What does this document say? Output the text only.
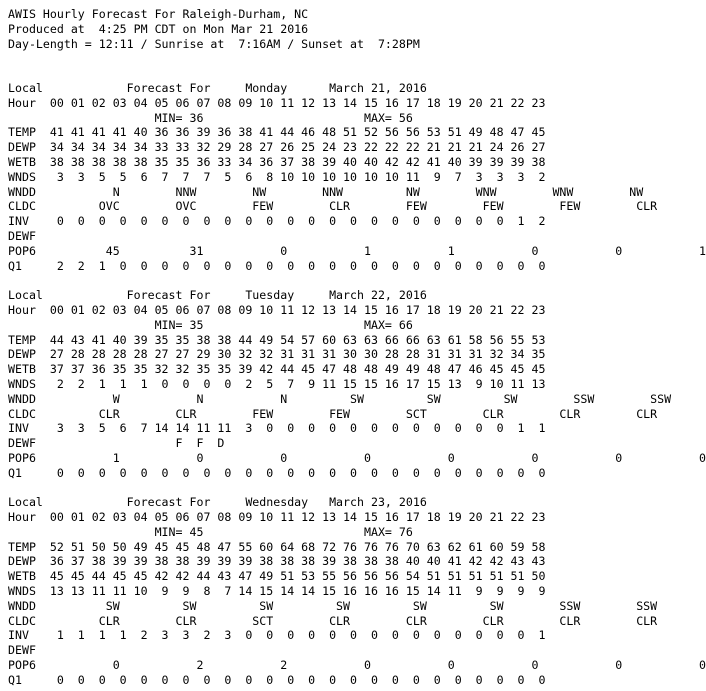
AWIS Hourly Forecast For Raleigh-Durham, NC
Produced at  4:25 PM CDT on Mon Mar 21 2016
Day-Length = 12:11 / Sunrise at  7:16AM / Sunset at  7:28PM
Local            Forecast For     Monday      March 21, 2016
Hour  00 01 02 03 04 05 06 07 08 09 10 11 12 13 14 15 16 17 18 19 20 21 22 23
MIN= 36                       MAX= 56
TEMP  41 41 41 41 40 36 36 39 36 38 41 44 46 48 51 52 56 56 53 51 49 48 47 45
DEWP  34 34 34 34 34 33 33 32 29 28 27 26 25 24 23 22 22 22 21 21 21 24 26 27
WETB  38 38 38 38 38 35 35 36 33 34 36 37 38 39 40 40 42 42 41 40 39 39 39 38
WNDS   3  3  5  5  6  7  7  7  5  6  8 10 10 10 10 10 10 11  9  7  3  3  3  2
WNDD           N        NNW        NW        NNW         NW        WNW        WNW        NW
CLDC         OVC        OVC        FEW        CLR        FEW        FEW        FEW        CLR
INV    0  0  0  0  0  0  0  0  0  0  0  0  0  0  0  0  0  0  0  0  0  0  1  2
DEWF
POP6          45          31           0           1           1           0           0           1
Q1     2  2  1  0  0  0  0  0  0  0  0  0  0  0  0  0  0  0  0  0  0  0  0  0
Local            Forecast For     Tuesday     March 22, 2016
Hour  00 01 02 03 04 05 06 07 08 09 10 11 12 13 14 15 16 17 18 19 20 21 22 23
MIN= 35                       MAX= 66
TEMP  44 43 41 40 39 35 35 38 38 44 49 54 57 60 63 63 66 66 63 61 58 56 55 53
DEWP  27 28 28 28 28 27 27 29 30 32 32 31 31 31 30 30 28 28 31 31 31 32 34 35
WETB  37 37 36 35 35 32 32 35 35 39 42 44 45 47 48 48 49 49 48 47 46 45 45 45
WNDS   2  2  1  1  1  0  0  0  0  2  5  7  9 11 15 15 16 17 15 13  9 10 11 13
WNDD           W           N           N         SW         SW         SW        SSW        SSW
CLDC         CLR        CLR        FEW        FEW        SCT        CLR        CLR        CLR
INV    3  3  5  6  7 14 14 11 11  3  0  0  0  0  0  0  0  0  0  0  0  0  1  1
DEWF                    F  F  D
POP6           1           0           0           0           0           0           0           0
Q1     0  0  0  0  0  0  0  0  0  0  0  0  0  0  0  0  0  0  0  0  0  0  0  0
Local            Forecast For     Wednesday   March 23, 2016
Hour  00 01 02 03 04 05 06 07 08 09 10 11 12 13 14 15 16 17 18 19 20 21 22 23
MIN= 45                       MAX= 76
TEMP  52 51 50 50 49 45 45 48 47 55 60 64 68 72 76 76 76 70 63 62 61 60 59 58
DEWP  36 37 38 39 39 38 38 39 39 39 38 38 38 39 38 38 38 40 40 41 42 42 43 43
WETB  45 45 44 45 45 42 42 44 43 47 49 51 53 55 56 56 56 54 51 51 51 51 51 50
WNDS  13 13 11 11 10  9  9  8  7 14 15 14 14 15 16 16 16 15 14 11  9  9  9  9
WNDD          SW         SW         SW         SW         SW         SW        SSW        SSW
CLDC         CLR        CLR        SCT        CLR        CLR        CLR        CLR        CLR
INV    1  1  1  1  2  3  3  2  3  0  0  0  0  0  0  0  0  0  0  0  0  0  0  1
DEWF
POP6           0           2           2           0           0           0           0           0
Q1     0  0  0  0  0  0  0  0  0  0  0  0  0  0  0  0  0  0  0  0  0  0  0  0
